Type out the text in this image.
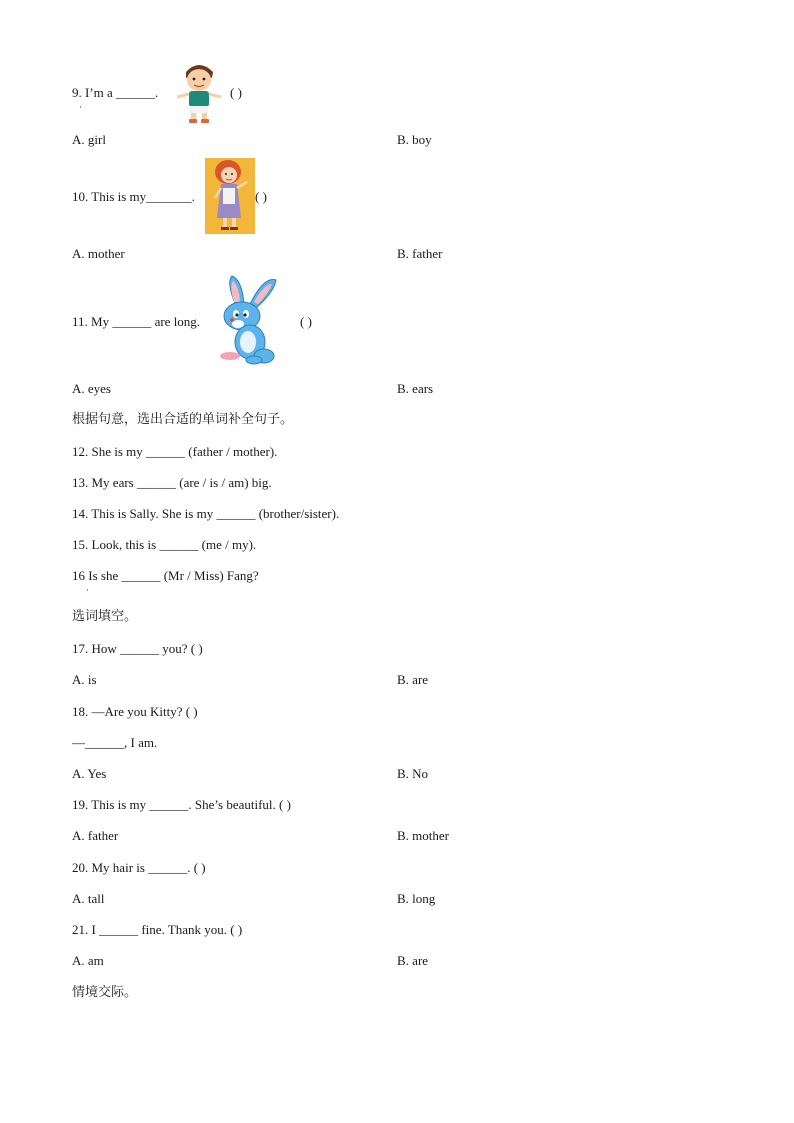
9. I’m a ______.
·
( )
A. girl	B. boy
10. This is my_______.	( )
A. mother	B. father
11. My ______ are long.	( )
A. eyes	B. ears
根据句意，选出合适的单词补全句子。
12. She is my ______ (father / mother).
13. My ears ______ (are / is / am) big.
14. This is Sally. She is my ______ (brother/sister).
15. Look, this is ______ (me / my).
16 Is she ______ (Mr / Miss) Fang?
·
选词填空。
17. How ______ you? ( )
A. is	B. are
18. —Are you Kitty? ( )
—______, I am.
A. Yes	B. No
19. This is my ______. She’s beautiful. ( )
A. father	B. mother
20. My hair is ______. ( )
A. tall	B. long
21. I ______ fine. Thank you. ( )
A. am	B. are
情境交际。
